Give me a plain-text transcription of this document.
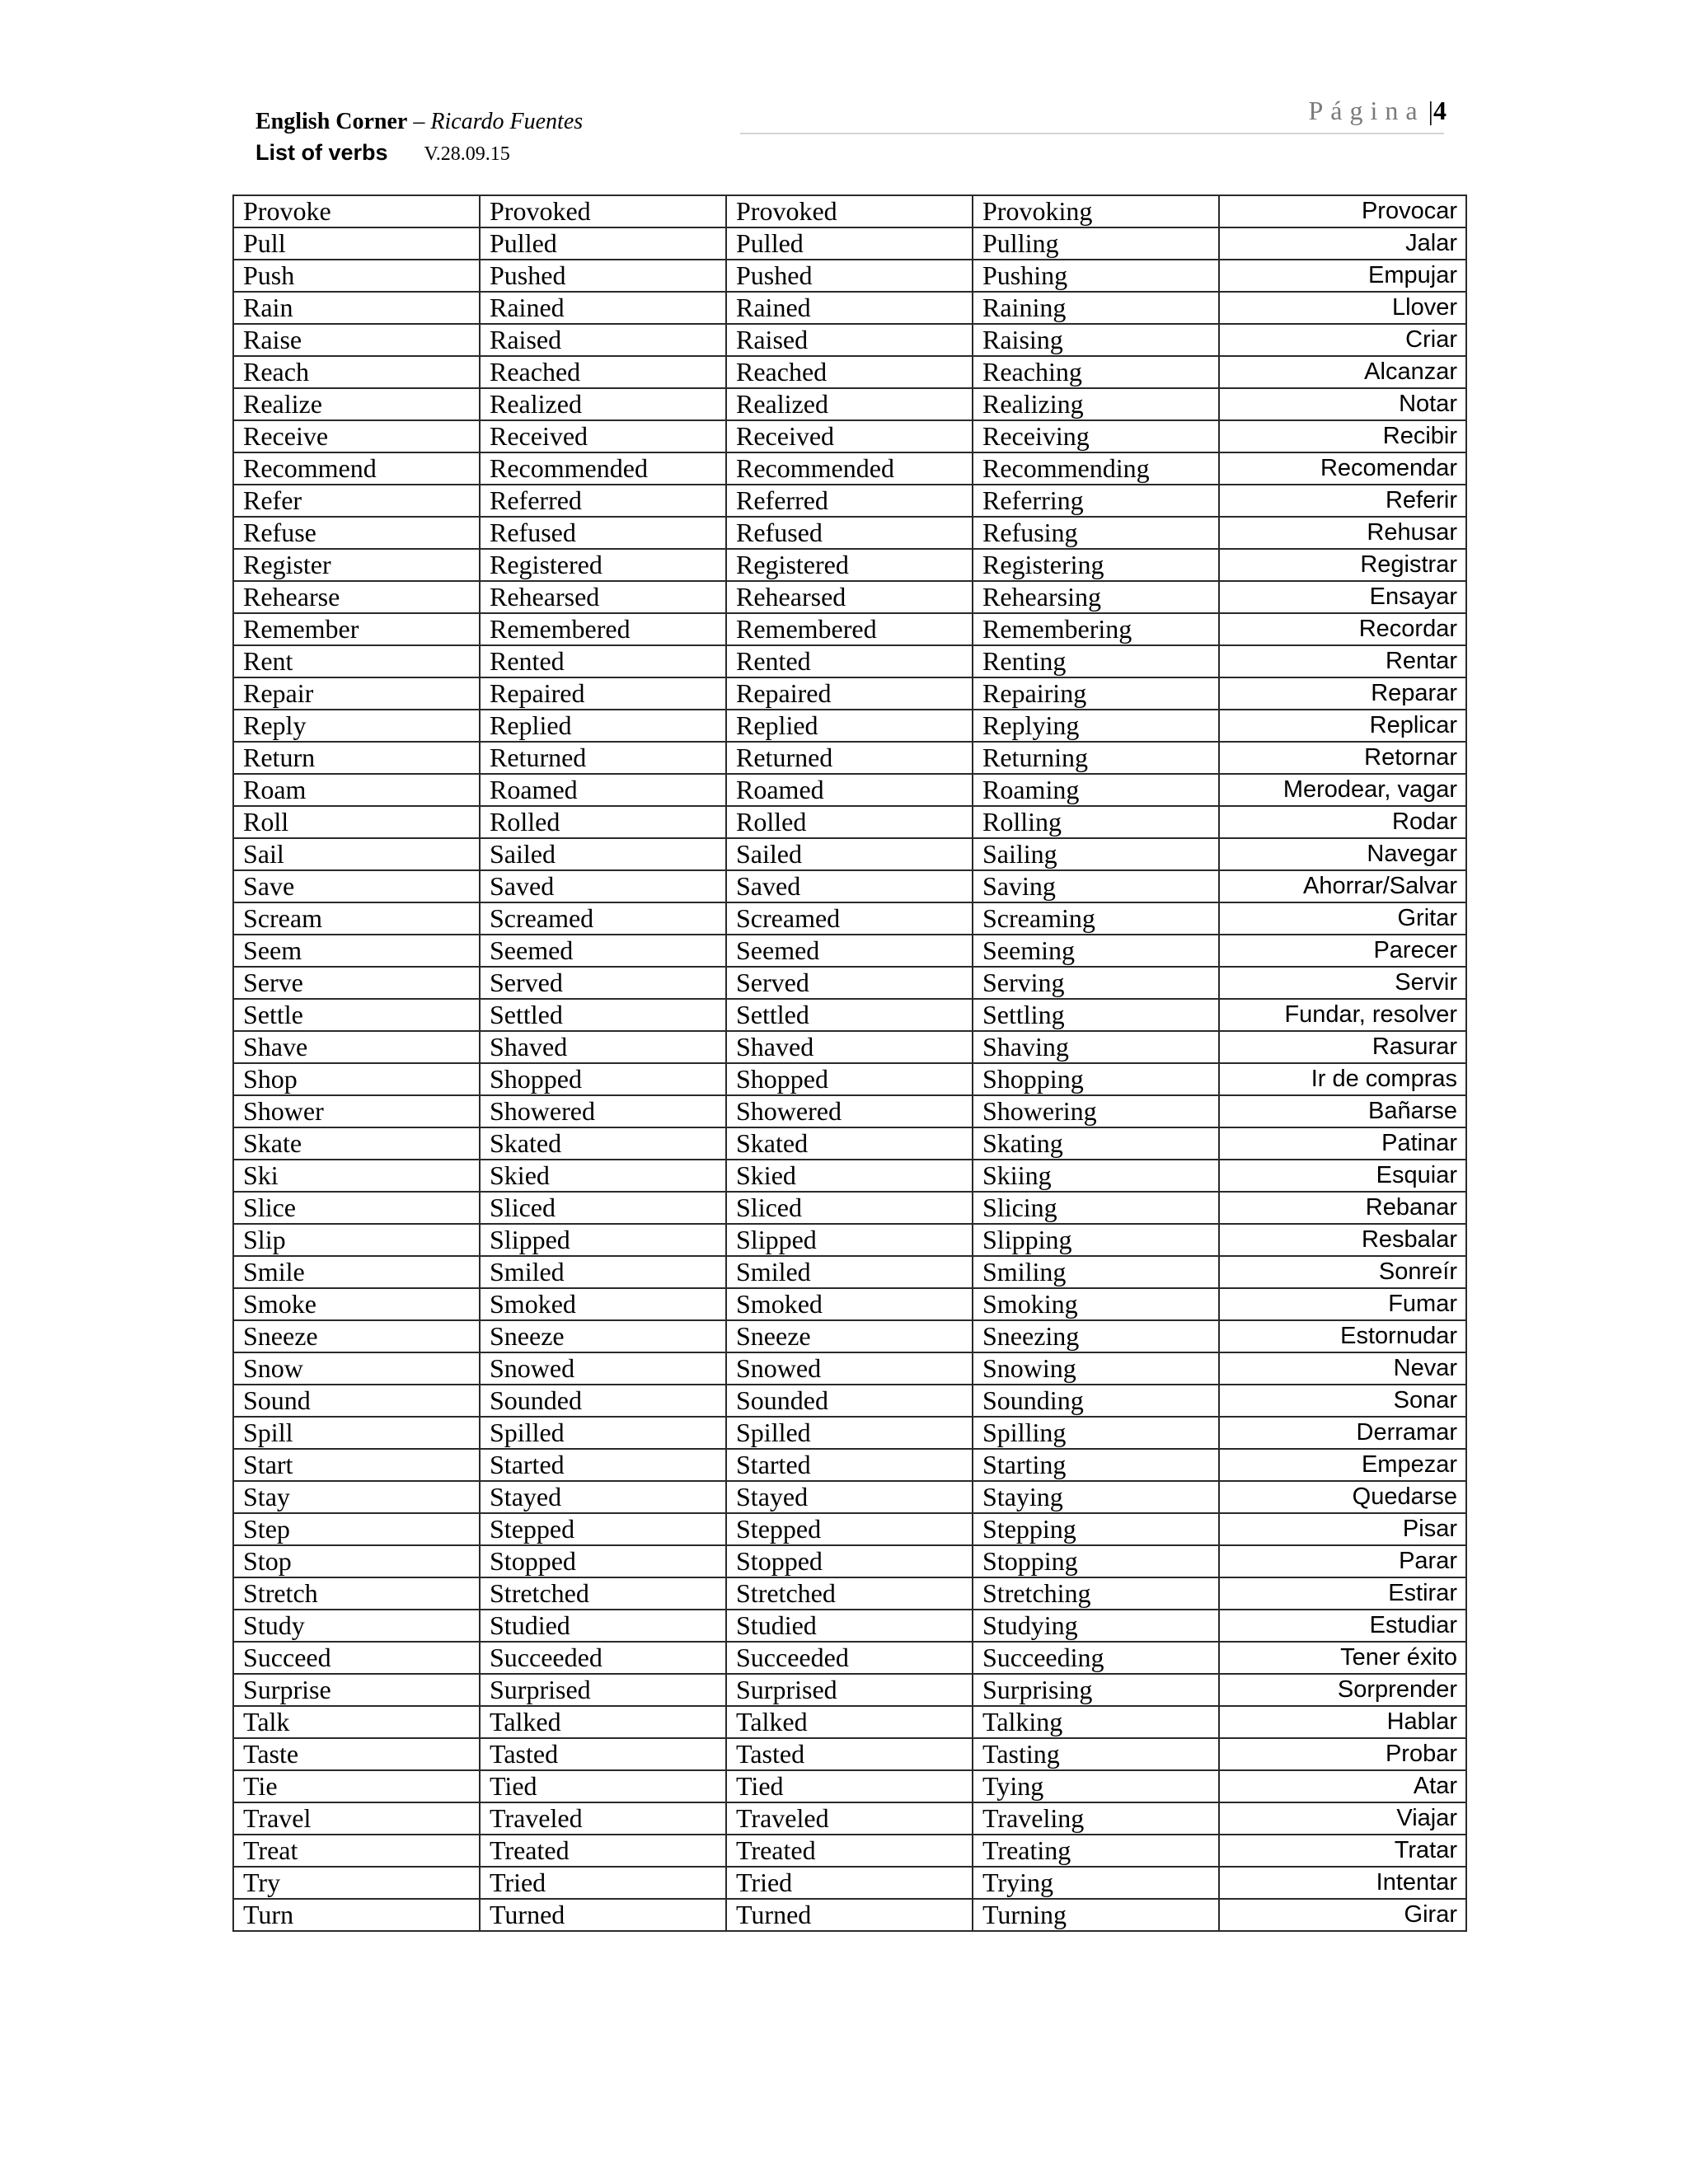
English Corner – Ricardo Fuentes
List of verbs V.28.09.15
Página |4
Provoke	Provoked	Provoked	Provoking	Provocar
Pull	Pulled	Pulled	Pulling	Jalar
Push	Pushed	Pushed	Pushing	Empujar
Rain	Rained	Rained	Raining	Llover
Raise	Raised	Raised	Raising	Criar
Reach	Reached	Reached	Reaching	Alcanzar
Realize	Realized	Realized	Realizing	Notar
Receive	Received	Received	Receiving	Recibir
Recommend	Recommended	Recommended	Recommending	Recomendar
Refer	Referred	Referred	Referring	Referir
Refuse	Refused	Refused	Refusing	Rehusar
Register	Registered	Registered	Registering	Registrar
Rehearse	Rehearsed	Rehearsed	Rehearsing	Ensayar
Remember	Remembered	Remembered	Remembering	Recordar
Rent	Rented	Rented	Renting	Rentar
Repair	Repaired	Repaired	Repairing	Reparar
Reply	Replied	Replied	Replying	Replicar
Return	Returned	Returned	Returning	Retornar
Roam	Roamed	Roamed	Roaming	Merodear, vagar
Roll	Rolled	Rolled	Rolling	Rodar
Sail	Sailed	Sailed	Sailing	Navegar
Save	Saved	Saved	Saving	Ahorrar/Salvar
Scream	Screamed	Screamed	Screaming	Gritar
Seem	Seemed	Seemed	Seeming	Parecer
Serve	Served	Served	Serving	Servir
Settle	Settled	Settled	Settling	Fundar, resolver
Shave	Shaved	Shaved	Shaving	Rasurar
Shop	Shopped	Shopped	Shopping	Ir de compras
Shower	Showered	Showered	Showering	Bañarse
Skate	Skated	Skated	Skating	Patinar
Ski	Skied	Skied	Skiing	Esquiar
Slice	Sliced	Sliced	Slicing	Rebanar
Slip	Slipped	Slipped	Slipping	Resbalar
Smile	Smiled	Smiled	Smiling	Sonreír
Smoke	Smoked	Smoked	Smoking	Fumar
Sneeze	Sneeze	Sneeze	Sneezing	Estornudar
Snow	Snowed	Snowed	Snowing	Nevar
Sound	Sounded	Sounded	Sounding	Sonar
Spill	Spilled	Spilled	Spilling	Derramar
Start	Started	Started	Starting	Empezar
Stay	Stayed	Stayed	Staying	Quedarse
Step	Stepped	Stepped	Stepping	Pisar
Stop	Stopped	Stopped	Stopping	Parar
Stretch	Stretched	Stretched	Stretching	Estirar
Study	Studied	Studied	Studying	Estudiar
Succeed	Succeeded	Succeeded	Succeeding	Tener éxito
Surprise	Surprised	Surprised	Surprising	Sorprender
Talk	Talked	Talked	Talking	Hablar
Taste	Tasted	Tasted	Tasting	Probar
Tie	Tied	Tied	Tying	Atar
Travel	Traveled	Traveled	Traveling	Viajar
Treat	Treated	Treated	Treating	Tratar
Try	Tried	Tried	Trying	Intentar
Turn	Turned	Turned	Turning	Girar
